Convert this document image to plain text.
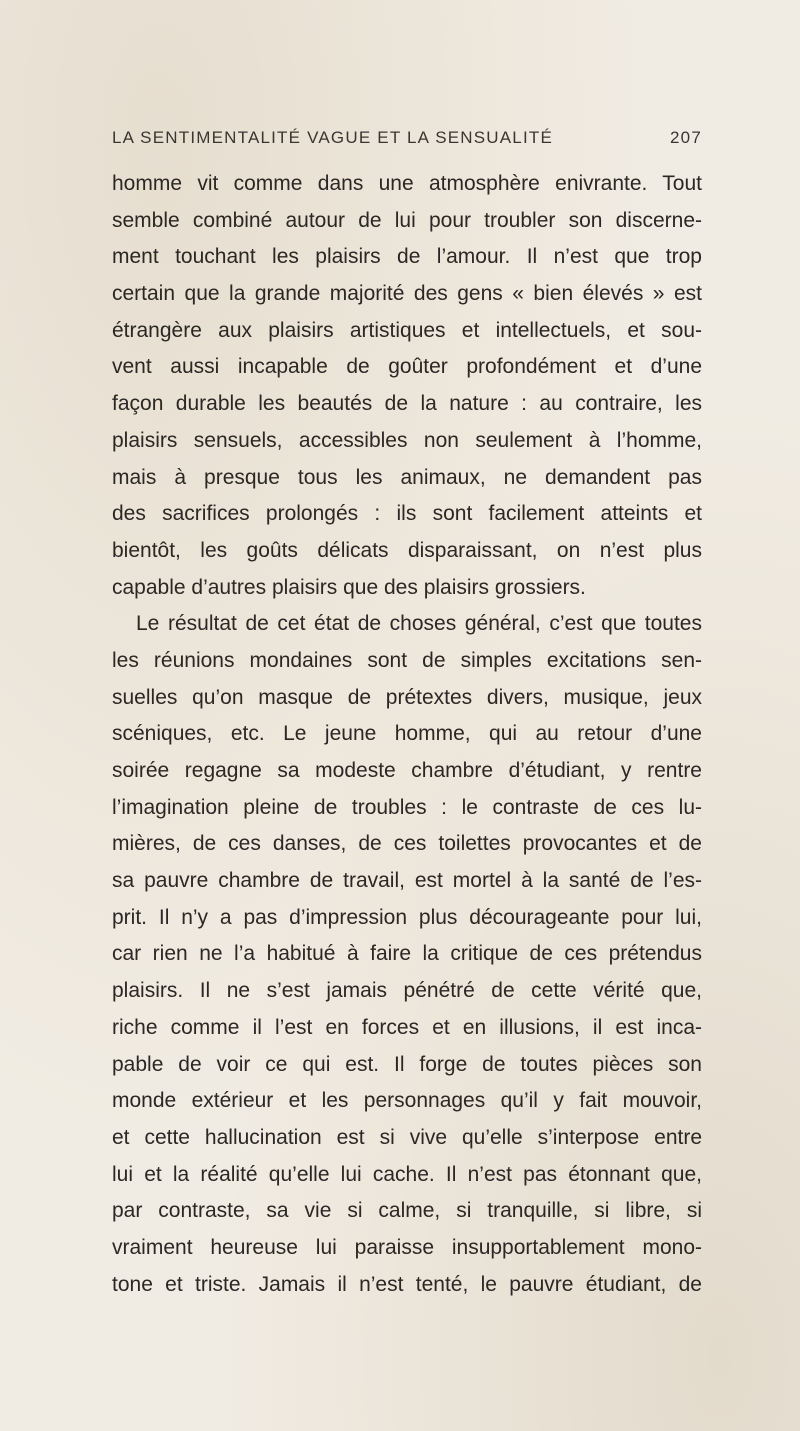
LA SENTIMENTALITÉ VAGUE ET LA SENSUALITÉ	207
homme vit comme dans une atmosphère enivrante. Tout
semble combiné autour de lui pour troubler son discerne-
ment touchant les plaisirs de l’amour. Il n’est que trop
certain que la grande majorité des gens « bien élevés » est
étrangère aux plaisirs artistiques et intellectuels, et sou-
vent aussi incapable de goûter profondément et d’une
façon durable les beautés de la nature : au contraire, les
plaisirs sensuels, accessibles non seulement à l’homme,
mais à presque tous les animaux, ne demandent pas
des sacrifices prolongés : ils sont facilement atteints et
bientôt, les goûts délicats disparaissant, on n’est plus
capable d’autres plaisirs que des plaisirs grossiers.
Le résultat de cet état de choses général, c’est que toutes
les réunions mondaines sont de simples excitations sen-
suelles qu’on masque de prétextes divers, musique, jeux
scéniques, etc. Le jeune homme, qui au retour d’une
soirée regagne sa modeste chambre d’étudiant, y rentre
l’imagination pleine de troubles : le contraste de ces lu-
mières, de ces danses, de ces toilettes provocantes et de
sa pauvre chambre de travail, est mortel à la santé de l’es-
prit. Il n’y a pas d’impression plus décourageante pour lui,
car rien ne l’a habitué à faire la critique de ces prétendus
plaisirs. Il ne s’est jamais pénétré de cette vérité que,
riche comme il l’est en forces et en illusions, il est inca-
pable de voir ce qui est. Il forge de toutes pièces son
monde extérieur et les personnages qu’il y fait mouvoir,
et cette hallucination est si vive qu’elle s’interpose entre
lui et la réalité qu’elle lui cache. Il n’est pas étonnant que,
par contraste, sa vie si calme, si tranquille, si libre, si
vraiment heureuse lui paraisse insupportablement mono-
tone et triste. Jamais il n’est tenté, le pauvre étudiant, de
